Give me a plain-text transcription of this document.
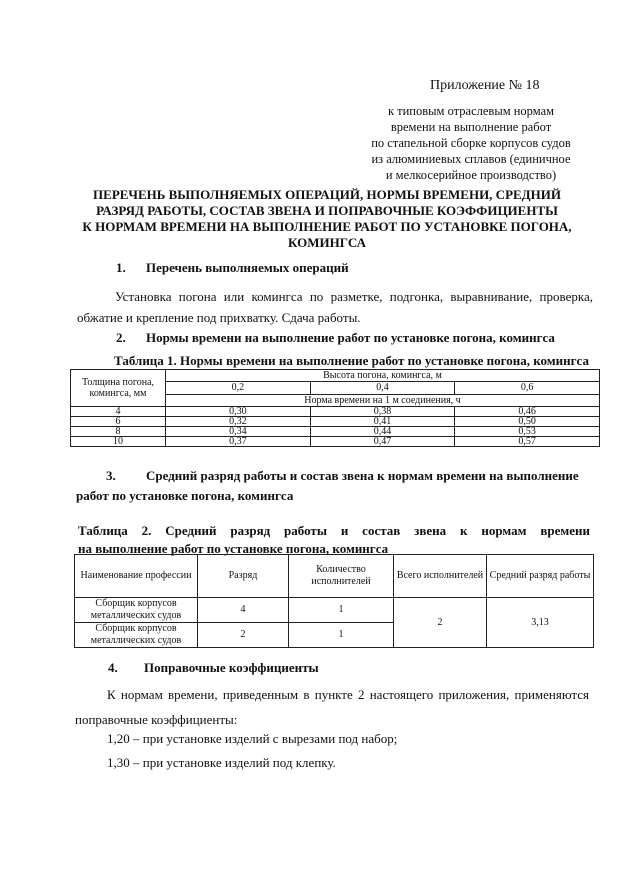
Приложение № 18
к типовым отраслевым нормам
времени на выполнение работ
по стапельной сборке корпусов судов
из алюминиевых сплавов (единичное
и мелкосерийное производство)
ПЕРЕЧЕНЬ ВЫПОЛНЯЕМЫХ ОПЕРАЦИЙ, НОРМЫ ВРЕМЕНИ, СРЕДНИЙ
РАЗРЯД РАБОТЫ, СОСТАВ ЗВЕНА И ПОПРАВОЧНЫЕ КОЭФФИЦИЕНТЫ
К НОРМАМ ВРЕМЕНИ НА ВЫПОЛНЕНИЕ РАБОТ ПО УСТАНОВКЕ ПОГОНА,
КОМИНГСА
1. Перечень выполняемых операций
Установка погона или комингса по разметке, подгонка, выравнивание, проверка, обжатие и крепление под прихватку. Сдача работы.
2. Нормы времени на выполнение работ по установке погона, комингса
Таблица 1. Нормы времени на выполнение работ по установке погона, комингса
Толщина погона, комингса, мм	Высота погона, комингса, м		
	0,2	0,4	0,6
	Норма времени на 1 м соединения, ч		
4	0,30	0,38	0,46
6	0,32	0,41	0,50
8	0,34	0,44	0,53
10	0,37	0,47	0,57
3. Средний разряд работы и состав звена к нормам времени на выполнение
работ по установке погона, комингса
Таблица 2. Средний разряд работы и состав звена к нормам времени
на выполнение работ по установке погона, комингса
Наименование профессии	Разряд	Количество исполнителей	Всего исполнителей	Средний разряд работы
Сборщик корпусов металлических судов	4	1	2	3,13
Сборщик корпусов металлических судов	2	1		
4. Поправочные коэффициенты
К нормам времени, приведенным в пункте 2 настоящего приложения, применяются поправочные коэффициенты:
1,20 – при установке изделий с вырезами под набор;
1,30 – при установке изделий под клепку.
